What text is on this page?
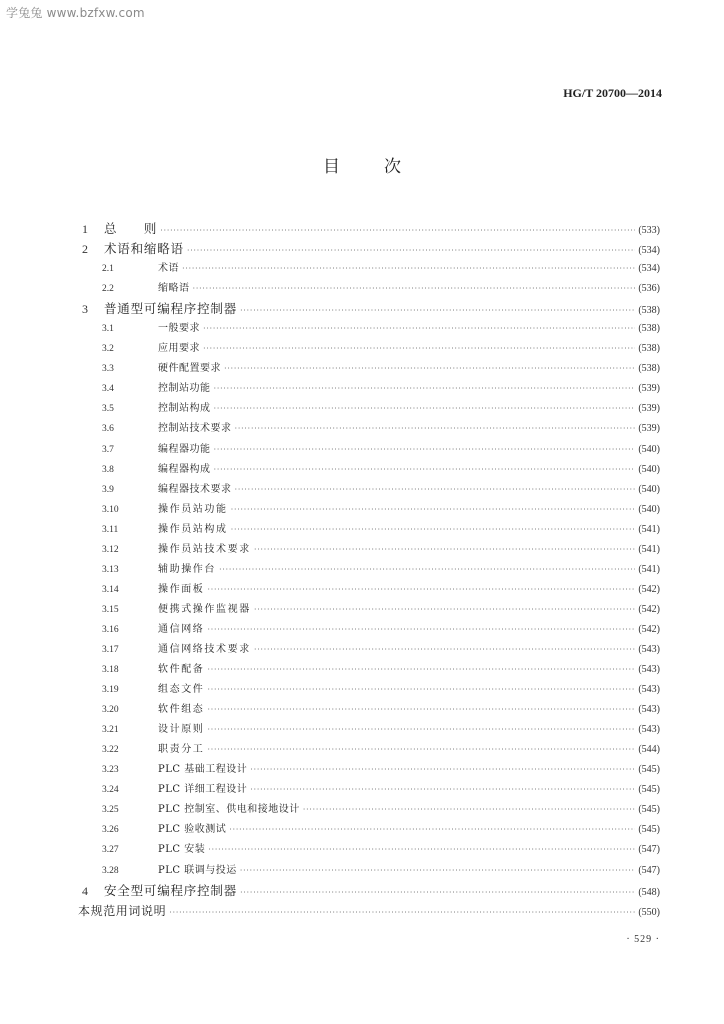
学兔兔 www.bzfxw.com
HG/T 20700—2014
目次
1	总　　则 ·····	(533)
2	术语和缩略语 ·····	(534)
2.1	术语 ·····	(534)
2.2	缩略语 ·····	(536)
3	普通型可编程序控制器 ·····	(538)
3.1	一般要求 ·····	(538)
3.2	应用要求 ·····	(538)
3.3	硬件配置要求 ·····	(538)
3.4	控制站功能 ·····	(539)
3.5	控制站构成 ·····	(539)
3.6	控制站技术要求 ·····	(539)
3.7	编程器功能 ·····	(540)
3.8	编程器构成 ·····	(540)
3.9	编程器技术要求 ·····	(540)
3.10	操作员站功能 ·····	(540)
3.11	操作员站构成 ·····	(541)
3.12	操作员站技术要求 ·····	(541)
3.13	辅助操作台 ·····	(541)
3.14	操作面板 ·····	(542)
3.15	便携式操作监视器 ·····	(542)
3.16	通信网络 ·····	(542)
3.17	通信网络技术要求 ·····	(543)
3.18	软件配备 ·····	(543)
3.19	组态文件 ·····	(543)
3.20	软件组态 ·····	(543)
3.21	设计原则 ·····	(543)
3.22	职责分工 ·····	(544)
3.23	PLC 基础工程设计 ·····	(545)
3.24	PLC 详细工程设计 ·····	(545)
3.25	PLC 控制室、供电和接地设计 ·····	(545)
3.26	PLC 验收测试 ·····	(545)
3.27	PLC 安装 ·····	(547)
3.28	PLC 联调与投运 ·····	(547)
4	安全型可编程序控制器 ·····	(548)
本规范用词说明 ·····	(550)
· 529 ·
